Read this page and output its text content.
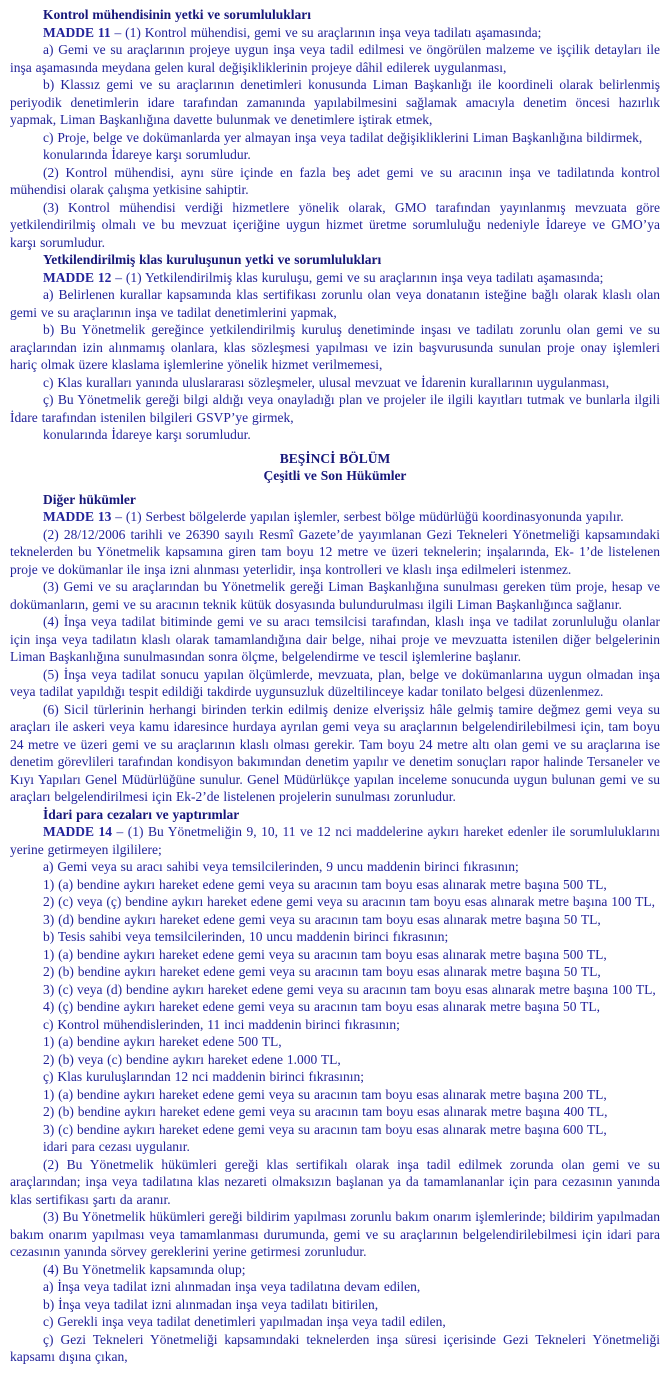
Kontrol mühendisinin yetki ve sorumlulukları

MADDE 11 – (1) Kontrol mühendisi, gemi ve su araçlarının inşa veya tadilatı aşamasında;

a) Gemi ve su araçlarının projeye uygun inşa veya tadil edilmesi ve öngörülen malzeme ve işçilik detayları ile inşa aşamasında meydana gelen kural değişikliklerinin projeye dâhil edilerek uygulanması,

b) Klassız gemi ve su araçlarının denetimleri konusunda Liman Başkanlığı ile koordineli olarak belirlenmiş periyodik denetimlerin idare tarafından zamanında yapılabilmesini sağlamak amacıyla denetim öncesi hazırlık yapmak, Liman Başkanlığına davette bulunmak ve denetimlere iştirak etmek,

c) Proje, belge ve dokümanlarda yer almayan inşa veya tadilat değişikliklerini Liman Başkanlığına bildirmek,

konularında İdareye karşı sorumludur.

(2) Kontrol mühendisi, aynı süre içinde en fazla beş adet gemi ve su aracının inşa ve tadilatında kontrol mühendisi olarak çalışma yetkisine sahiptir.

(3) Kontrol mühendisi verdiği hizmetlere yönelik olarak, GMO tarafından yayınlanmış mevzuata göre yetkilendirilmiş olmalı ve bu mevzuat içeriğine uygun hizmet üretme sorumluluğu nedeniyle İdareye ve GMO’ya karşı sorumludur.

Yetkilendirilmiş klas kuruluşunun yetki ve sorumlulukları

MADDE 12 – (1) Yetkilendirilmiş klas kuruluşu, gemi ve su araçlarının inşa veya tadilatı aşamasında;

a) Belirlenen kurallar kapsamında klas sertifikası zorunlu olan veya donatanın isteğine bağlı olarak klaslı olan gemi ve su araçlarının inşa ve tadilat denetimlerini yapmak,

b) Bu Yönetmelik gereğince yetkilendirilmiş kuruluş denetiminde inşası ve tadilatı zorunlu olan gemi ve su araçlarından izin alınmamış olanlara, klas sözleşmesi yapılması ve izin başvurusunda sunulan proje onay işlemleri hariç olmak üzere klaslama işlemlerine yönelik hizmet verilmemesi,

c) Klas kuralları yanında uluslararası sözleşmeler, ulusal mevzuat ve İdarenin kurallarının uygulanması,

ç) Bu Yönetmelik gereği bilgi aldığı veya onayladığı plan ve projeler ile ilgili kayıtları tutmak ve bunlarla ilgili İdare tarafından istenilen bilgileri GSVP’ye girmek,

konularında İdareye karşı sorumludur.

BEŞİNCİ BÖLÜM

Çeşitli ve Son Hükümler

Diğer hükümler

MADDE 13 – (1) Serbest bölgelerde yapılan işlemler, serbest bölge müdürlüğü koordinasyonunda yapılır.

(2) 28/12/2006 tarihli ve 26390 sayılı Resmî Gazete’de yayımlanan Gezi Tekneleri Yönetmeliği kapsamındaki teknelerden bu Yönetmelik kapsamına giren tam boyu 12 metre ve üzeri teknelerin; inşalarında, Ek- 1’de listelenen proje ve dokümanlar ile inşa izni alınması yeterlidir, inşa kontrolleri ve klaslı inşa edilmeleri istenmez.

(3) Gemi ve su araçlarından bu Yönetmelik gereği Liman Başkanlığına sunulması gereken tüm proje, hesap ve dokümanların, gemi ve su aracının teknik kütük dosyasında bulundurulması ilgili Liman Başkanlığınca sağlanır.

(4) İnşa veya tadilat bitiminde gemi ve su aracı temsilcisi tarafından, klaslı inşa ve tadilat zorunluluğu olanlar için inşa veya tadilatın klaslı olarak tamamlandığına dair belge, nihai proje ve mevzuatta istenilen diğer belgelerinin Liman Başkanlığına sunulmasından sonra ölçme, belgelendirme ve tescil işlemlerine başlanır.

(5) İnşa veya tadilat sonucu yapılan ölçümlerde, mevzuata, plan, belge ve dokümanlarına uygun olmadan inşa veya tadilat yapıldığı tespit edildiği takdirde uygunsuzluk düzeltilinceye kadar tonilato belgesi düzenlenmez.

(6) Sicil türlerinin herhangi birinden terkin edilmiş denize elverişsiz hâle gelmiş tamire değmez gemi veya su araçları ile askeri veya kamu idaresince hurdaya ayrılan gemi veya su araçlarının belgelendirilebilmesi için, tam boyu 24 metre ve üzeri gemi ve su araçlarının klaslı olması gerekir. Tam boyu 24 metre altı olan gemi ve su araçlarına ise denetim görevlileri tarafından kondisyon bakımından denetim yapılır ve denetim sonuçları rapor halinde Tersaneler ve Kıyı Yapıları Genel Müdürlüğüne sunulur. Genel Müdürlükçe yapılan inceleme sonucunda uygun bulunan gemi ve su araçları belgelendirilmesi için Ek-2’de listelenen projelerin sunulması zorunludur.

İdari para cezaları ve yaptırımlar

MADDE 14 – (1) Bu Yönetmeliğin 9, 10, 11 ve 12 nci maddelerine aykırı hareket edenler ile sorumluluklarını yerine getirmeyen ilgililere;

a) Gemi veya su aracı sahibi veya temsilcilerinden, 9 uncu maddenin birinci fıkrasının;

1) (a) bendine aykırı hareket edene gemi veya su aracının tam boyu esas alınarak metre başına 500 TL,

2) (c) veya (ç) bendine aykırı hareket edene gemi veya su aracının tam boyu esas alınarak metre başına 100 TL,

3) (d) bendine aykırı hareket edene gemi veya su aracının tam boyu esas alınarak metre başına 50 TL,

b) Tesis sahibi veya temsilcilerinden, 10 uncu maddenin birinci fıkrasının;

1) (a) bendine aykırı hareket edene gemi veya su aracının tam boyu esas alınarak metre başına 500 TL,

2) (b) bendine aykırı hareket edene gemi veya su aracının tam boyu esas alınarak metre başına 50 TL,

3) (c) veya (d) bendine aykırı hareket edene gemi veya su aracının tam boyu esas alınarak metre başına 100 TL,

4) (ç) bendine aykırı hareket edene gemi veya su aracının tam boyu esas alınarak metre başına 50 TL,

c) Kontrol mühendislerinden, 11 inci maddenin birinci fıkrasının;

1) (a) bendine aykırı hareket edene 500 TL,

2) (b) veya (c) bendine aykırı hareket edene 1.000 TL,

ç) Klas kuruluşlarından 12 nci maddenin birinci fıkrasının;

1) (a) bendine aykırı hareket edene gemi veya su aracının tam boyu esas alınarak metre başına 200 TL,

2) (b) bendine aykırı hareket edene gemi veya su aracının tam boyu esas alınarak metre başına 400 TL,

3) (c) bendine aykırı hareket edene gemi veya su aracının tam boyu esas alınarak metre başına 600 TL,

idari para cezası uygulanır.

(2) Bu Yönetmelik hükümleri gereği klas sertifikalı olarak inşa tadil edilmek zorunda olan gemi ve su araçlarından; inşa veya tadilatına klas nezareti olmaksızın başlanan ya da tamamlananlar için para cezasının yanında klas sertifikası şartı da aranır.

(3) Bu Yönetmelik hükümleri gereği bildirim yapılması zorunlu bakım onarım işlemlerinde; bildirim yapılmadan bakım onarım yapılması veya tamamlanması durumunda, gemi ve su araçlarının belgelendirilebilmesi için idari para cezasının yanında sörvey gereklerini yerine getirmesi zorunludur.

(4) Bu Yönetmelik kapsamında olup;

a) İnşa veya tadilat izni alınmadan inşa veya tadilatına devam edilen,

b) İnşa veya tadilat izni alınmadan inşa veya tadilatı bitirilen,

c) Gerekli inşa veya tadilat denetimleri yapılmadan inşa veya tadil edilen,

ç) Gezi Tekneleri Yönetmeliği kapsamındaki teknelerden inşa süresi içerisinde Gezi Tekneleri Yönetmeliği kapsamı dışına çıkan,
